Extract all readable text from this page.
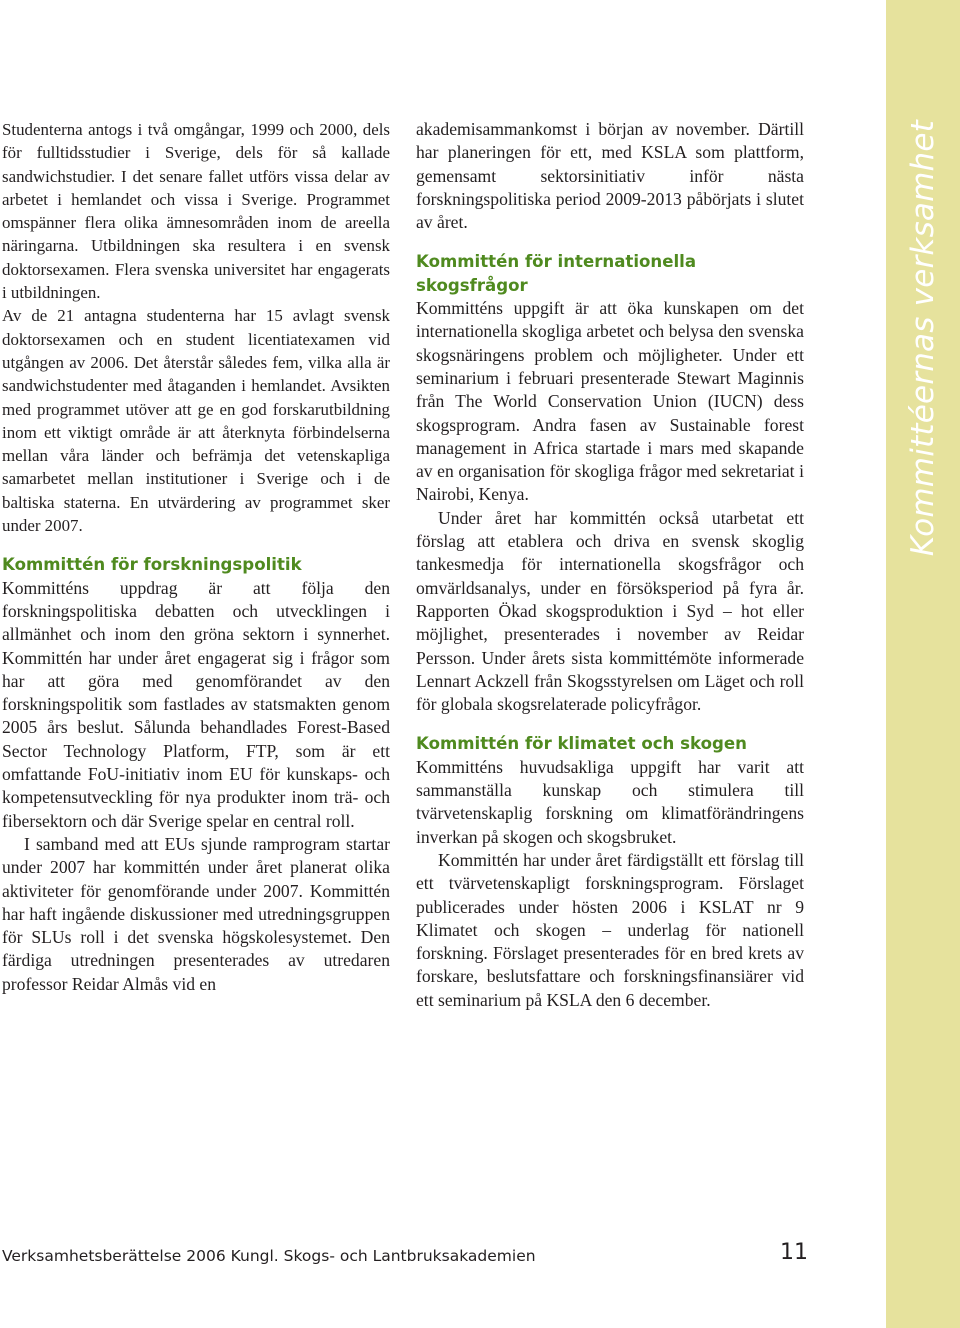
Studenterna antogs i två omgångar, 1999 och 2000, dels för fulltidsstudier i Sverige, dels för så kallade sandwichstudier. I det senare fallet utförs vissa delar av arbetet i hemlandet och vissa i Sverige. Programmet omspänner flera olika ämnesområden inom de areella näringarna. Utbildningen ska resultera i en svensk doktorsexamen. Flera svenska universitet har engagerats i utbildningen.

Av de 21 antagna studenterna har 15 avlagt svensk doktorsexamen och en student licentiatexamen vid utgången av 2006. Det återstår således fem, vilka alla är sandwichstudenter med åtaganden i hemlandet. Avsikten med programmet utöver att ge en god forskarutbildning inom ett viktigt område är att återknyta förbindelserna mellan våra länder och befrämja det vetenskapliga samarbetet mellan institutioner i Sverige och i de baltiska staterna. En utvärdering av programmet sker under 2007.

Kommittén för forskningspolitik

Kommitténs uppdrag är att följa den forskningspolitiska debatten och utvecklingen i allmänhet och inom den gröna sektorn i synnerhet. Kommittén har under året engagerat sig i frågor som har att göra med genomförandet av den forskningspolitik som fastlades av statsmakten genom 2005 års beslut. Sålunda behandlades Forest-Based Sector Technology Platform, FTP, som är ett omfattande FoU-initiativ inom EU för kunskaps- och kompetensutveckling för nya produkter inom trä- och fibersektorn och där Sverige spelar en central roll.

I samband med att EUs sjunde ramprogram startar under 2007 har kommittén under året planerat olika aktiviteter för genomförande under 2007. Kommittén har haft ingående diskussioner med utredningsgruppen för SLUs roll i det svenska högskolesystemet. Den färdiga utredningen presenterades av utredaren professor Reidar Almås vid en

akademisammankomst i början av november. Därtill har planeringen för ett, med KSLA som plattform, gemensamt sektorsinitiativ inför nästa forskningspolitiska period 2009-2013 påbörjats i slutet av året.

Kommittén för internationella skogsfrågor

Kommitténs uppgift är att öka kunskapen om det internationella skogliga arbetet och belysa den svenska skogsnäringens problem och möjligheter. Under ett seminarium i februari presenterade Stewart Maginnis från The World Conservation Union (IUCN) dess skogsprogram. Andra fasen av Sustainable forest management in Africa startade i mars med skapande av en organisation för skogliga frågor med sekretariat i Nairobi, Kenya.

Under året har kommittén också utarbetat ett förslag att etablera och driva en svensk skoglig tankesmedja för internationella skogsfrågor och omvärldsanalys, under en försöksperiod på fyra år. Rapporten Ökad skogsproduktion i Syd – hot eller möjlighet, presenterades i november av Reidar Persson. Under årets sista kommittémöte informerade Lennart Ackzell från Skogsstyrelsen om Läget och roll för globala skogsrelaterade policyfrågor.

Kommittén för klimatet och skogen

Kommitténs huvudsakliga uppgift har varit att sammanställa kunskap och stimulera till tvärvetenskaplig forskning om klimatförändringens inverkan på skogen och skogsbruket.

Kommittén har under året färdigställt ett förslag till ett tvärvetenskapligt forskningsprogram. Förslaget publicerades under hösten 2006 i KSLAT nr 9 Klimatet och skogen – underlag för nationell forskning. Förslaget presenterades för en bred krets av forskare, beslutsfattare och forskningsfinansiärer vid ett seminarium på KSLA den 6 december.

Kommittéernas verksamhet
Verksamhetsberättelse 2006 Kungl. Skogs- och Lantbruksakademien	11
